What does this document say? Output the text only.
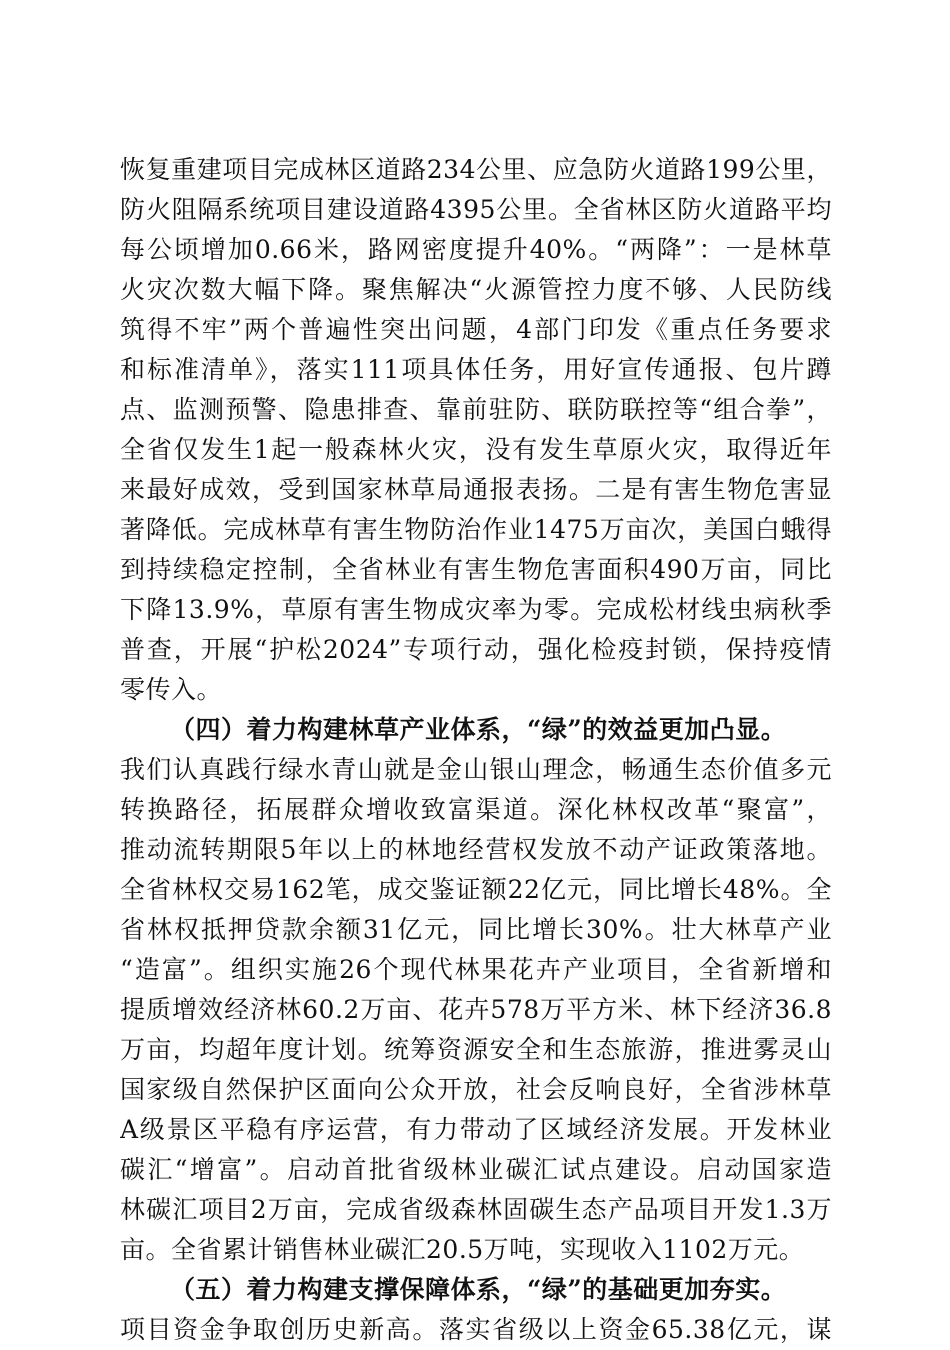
恢复重建项目完成林区道路234公里、应急防火道路199公里，
防火阻隔系统项目建设道路4395公里。全省林区防火道路平均
每公顷增加0.66米，路网密度提升40%。“两降”：一是林草
火灾次数大幅下降。聚焦解决“火源管控力度不够、人民防线
筑得不牢”两个普遍性突出问题，4部门印发《重点任务要求
和标准清单》，落实111项具体任务，用好宣传通报、包片蹲
点、监测预警、隐患排查、靠前驻防、联防联控等“组合拳”，
全省仅发生1起一般森林火灾，没有发生草原火灾，取得近年
来最好成效，受到国家林草局通报表扬。二是有害生物危害显
著降低。完成林草有害生物防治作业1475万亩次，美国白蛾得
到持续稳定控制，全省林业有害生物危害面积490万亩，同比
下降13.9%，草原有害生物成灾率为零。完成松材线虫病秋季
普查，开展“护松2024”专项行动，强化检疫封锁，保持疫情
零传入。
（四）着力构建林草产业体系，“绿”的效益更加凸显。
我们认真践行绿水青山就是金山银山理念，畅通生态价值多元
转换路径，拓展群众增收致富渠道。深化林权改革“聚富”，
推动流转期限5年以上的林地经营权发放不动产证政策落地。
全省林权交易162笔，成交鉴证额22亿元，同比增长48%。全
省林权抵押贷款余额31亿元，同比增长30%。壮大林草产业
“造富”。组织实施26个现代林果花卉产业项目，全省新增和
提质增效经济林60.2万亩、花卉578万平方米、林下经济36.8
万亩，均超年度计划。统筹资源安全和生态旅游，推进雾灵山
国家级自然保护区面向公众开放，社会反响良好，全省涉林草
A级景区平稳有序运营，有力带动了区域经济发展。开发林业
碳汇“增富”。启动首批省级林业碳汇试点建设。启动国家造
林碳汇项目2万亩，完成省级森林固碳生态产品项目开发1.3万
亩。全省累计销售林业碳汇20.5万吨，实现收入1102万元。
（五）着力构建支撑保障体系，“绿”的基础更加夯实。
项目资金争取创历史新高。落实省级以上资金65.38亿元，谋
